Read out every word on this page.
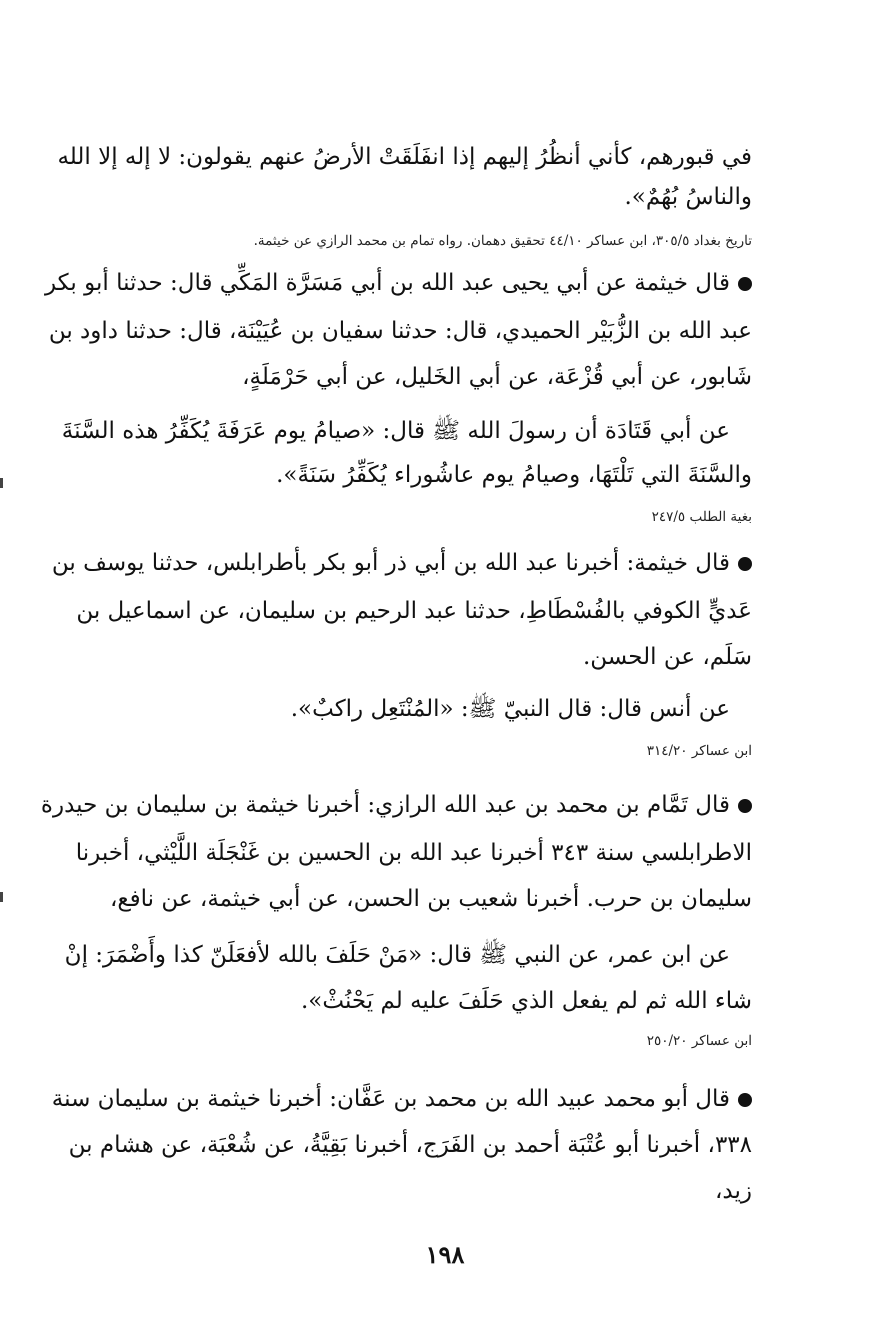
في قبورهم، كأني أنظُرُ إليهم إذا انفَلَقَتْ الأرضُ عنهم يقولون: لا إله إلا الله
والناسُ بُهُمٌ».
تاريخ بغداد ٣٠٥/٥، ابن عساكر ٤٤/١٠ تحقيق دهمان. رواه تمام بن محمد الرازي عن خيثمة.
قال خيثمة عن أبي يحيى عبد الله بن أبي مَسَرَّة المَكِّي قال: حدثنا أبو بكر
عبد الله بن الزُّبَيْر الحميدي، قال: حدثنا سفيان بن عُيَيْنَة، قال: حدثنا داود بن
شَابور، عن أبي قُزْعَة، عن أبي الخَليل، عن أبي حَرْمَلَةٍ،
عن أبي قَتَادَة أن رسولَ الله ﷺ قال: «صيامُ يوم عَرَفَةَ يُكَفِّرُ هذه السَّنَةَ
والسَّنَةَ التي تَلْتَهَا، وصيامُ يوم عاشُوراء يُكَفِّرُ سَنَةً».
بغية الطلب ٢٤٧/٥
قال خيثمة: أخبرنا عبد الله بن أبي ذر أبو بكر بأطرابلس، حدثنا يوسف بن
عَديٍّ الكوفي بالفُسْطَاطِ، حدثنا عبد الرحيم بن سليمان، عن اسماعيل بن
سَلَم، عن الحسن.
عن أنس قال: قال النبيّ ﷺ: «المُنْتَعِل راكبٌ».
ابن عساكر ٣١٤/٢٠
قال تَمَّام بن محمد بن عبد الله الرازي: أخبرنا خيثمة بن سليمان بن حيدرة
الاطرابلسي سنة ٣٤٣ أخبرنا عبد الله بن الحسين بن غَنْجَلَة اللَّيْثي، أخبرنا
سليمان بن حرب. أخبرنا شعيب بن الحسن، عن أبي خيثمة، عن نافع،
عن ابن عمر، عن النبي ﷺ قال: «مَنْ حَلَفَ بالله لأفعَلَنّ كذا وأَضْمَرَ: إنْ
شاء الله ثم لم يفعل الذي حَلَفَ عليه لم يَحْنُثْ».
ابن عساكر ٢٥٠/٢٠
قال أبو محمد عبيد الله بن محمد بن عَفَّان: أخبرنا خيثمة بن سليمان سنة
٣٣٨، أخبرنا أبو عُتْبَة أحمد بن الفَرَج، أخبرنا بَقِيَّةُ، عن شُعْبَة، عن هشام بن
زيد،
١٩٨
